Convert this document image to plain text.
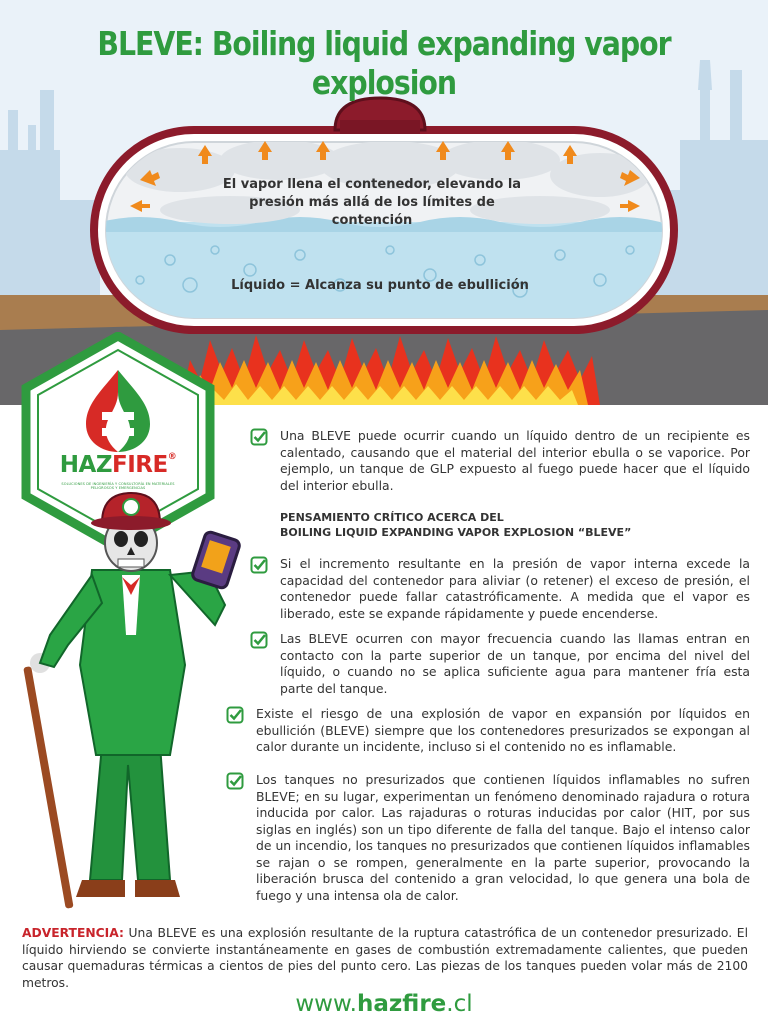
BLEVE: Boiling liquid expanding vapor explosion
El vapor llena el contenedor, elevando la presión más allá de los límites de contención
Líquido = Alcanza su punto de ebullición
HAZFIRE®
SOLUCIONES DE INGENIERÍA Y CONSULTORÍA EN MATERIALES PELIGROSOS Y EMERGENCIAS

Una BLEVE puede ocurrir cuando un líquido dentro de un recipiente es calentado, causando que el material del interior ebulla o se vaporice. Por ejemplo, un tanque de GLP expuesto al fuego puede hacer que el líquido del interior ebulla.

PENSAMIENTO CRÍTICO ACERCA DEL
BOILING LIQUID EXPANDING VAPOR EXPLOSION “BLEVE”

Si el incremento resultante en la presión de vapor interna excede la capacidad del contenedor para aliviar (o retener) el exceso de presión, el contenedor puede fallar catastróficamente. A medida que el vapor es liberado, este se expande rápidamente y puede encenderse.

Las BLEVE ocurren con mayor frecuencia cuando las llamas entran en contacto con la parte superior de un tanque, por encima del nivel del líquido, o cuando no se aplica suficiente agua para mantener fría esta parte del tanque.

Existe el riesgo de una explosión de vapor en expansión por líquidos en ebullición (BLEVE) siempre que los contenedores presurizados se expongan al calor durante un incidente, incluso si el contenido no es inflamable.

Los tanques no presurizados que contienen líquidos inflamables no sufren BLEVE; en su lugar, experimentan un fenómeno denominado rajadura o rotura inducida por calor. Las rajaduras o roturas inducidas por calor (HIT, por sus siglas en inglés) son un tipo diferente de falla del tanque. Bajo el intenso calor de un incendio, los tanques no presurizados que contienen líquidos inflamables se rajan o se rompen, generalmente en la parte superior, provocando la liberación brusca del contenido a gran velocidad, lo que genera una bola de fuego y una intensa ola de calor.

ADVERTENCIA: Una BLEVE es una explosión resultante de la ruptura catastrófica de un contenedor presurizado. El líquido hirviendo se convierte instantáneamente en gases de combustión extremadamente calientes, que pueden causar quemaduras térmicas a cientos de pies del punto cero. Las piezas de los tanques pueden volar más de 2100 metros.
www.hazfire.cl
